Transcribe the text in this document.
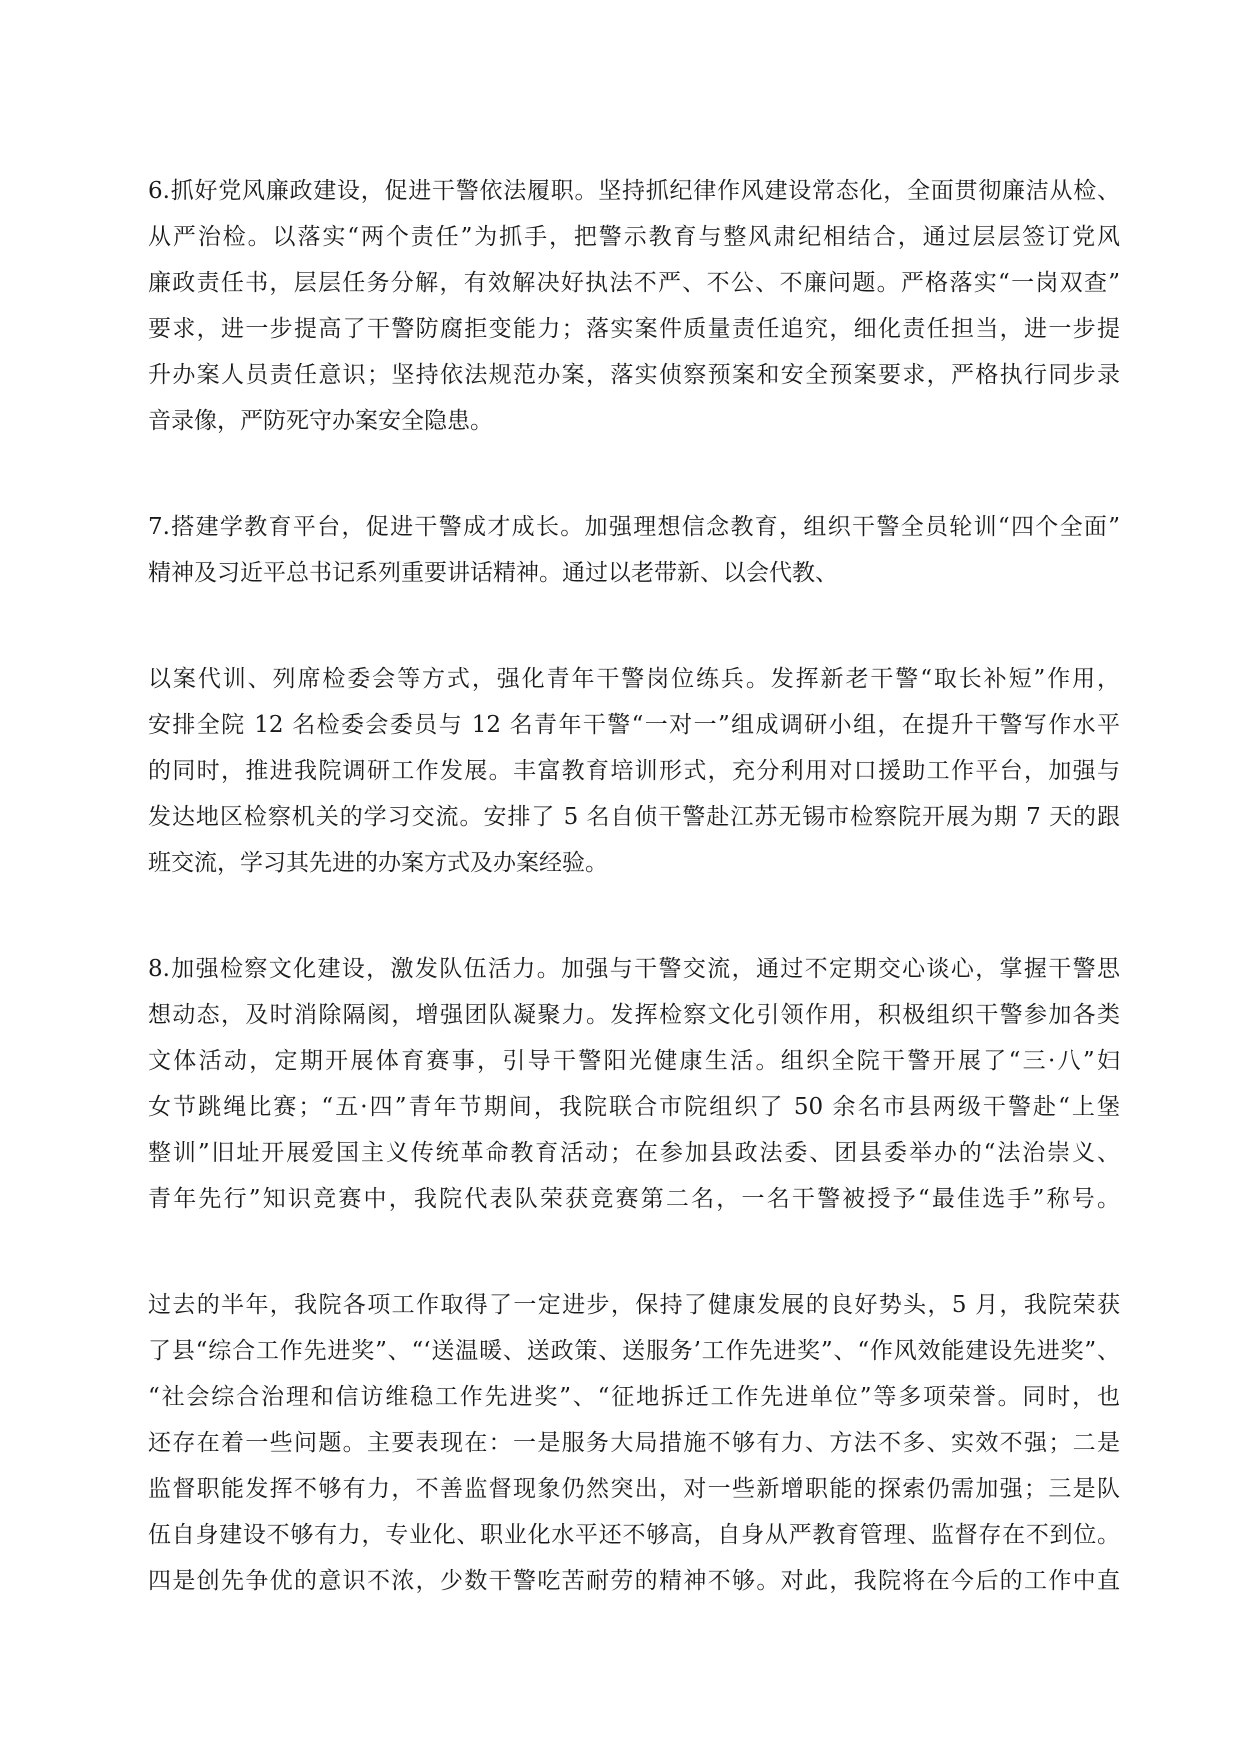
6.抓好党风廉政建设，促进干警依法履职。坚持抓纪律作风建设常态化，全面贯彻廉洁从检、
从严治检。以落实“两个责任”为抓手，把警示教育与整风肃纪相结合，通过层层签订党风
廉政责任书，层层任务分解，有效解决好执法不严、不公、不廉问题。严格落实“一岗双查”
要求，进一步提高了干警防腐拒变能力；落实案件质量责任追究，细化责任担当，进一步提
升办案人员责任意识；坚持依法规范办案，落实侦察预案和安全预案要求，严格执行同步录
音录像，严防死守办案安全隐患。
7.搭建学教育平台，促进干警成才成长。加强理想信念教育，组织干警全员轮训“四个全面”
精神及习近平总书记系列重要讲话精神。通过以老带新、以会代教、
以案代训、列席检委会等方式，强化青年干警岗位练兵。发挥新老干警“取长补短”作用，
安排全院 12 名检委会委员与 12 名青年干警“一对一”组成调研小组，在提升干警写作水平
的同时，推进我院调研工作发展。丰富教育培训形式，充分利用对口援助工作平台，加强与
发达地区检察机关的学习交流。安排了 5 名自侦干警赴江苏无锡市检察院开展为期 7 天的跟
班交流，学习其先进的办案方式及办案经验。
8.加强检察文化建设，激发队伍活力。加强与干警交流，通过不定期交心谈心，掌握干警思
想动态，及时消除隔阂，增强团队凝聚力。发挥检察文化引领作用，积极组织干警参加各类
文体活动，定期开展体育赛事，引导干警阳光健康生活。组织全院干警开展了“三·八”妇
女节跳绳比赛；“五·四”青年节期间，我院联合市院组织了 50 余名市县两级干警赴“上堡
整训”旧址开展爱国主义传统革命教育活动；在参加县政法委、团县委举办的“法治崇义、
青年先行”知识竞赛中，我院代表队荣获竞赛第二名，一名干警被授予“最佳选手”称号。
过去的半年，我院各项工作取得了一定进步，保持了健康发展的良好势头，5 月，我院荣获
了县“综合工作先进奖”、“‘送温暖、送政策、送服务’工作先进奖”、“作风效能建设先进奖”、
“社会综合治理和信访维稳工作先进奖”、“征地拆迁工作先进单位”等多项荣誉。同时，也
还存在着一些问题。主要表现在：一是服务大局措施不够有力、方法不多、实效不强；二是
监督职能发挥不够有力，不善监督现象仍然突出，对一些新增职能的探索仍需加强；三是队
伍自身建设不够有力，专业化、职业化水平还不够高，自身从严教育管理、监督存在不到位。
四是创先争优的意识不浓，少数干警吃苦耐劳的精神不够。对此，我院将在今后的工作中直
